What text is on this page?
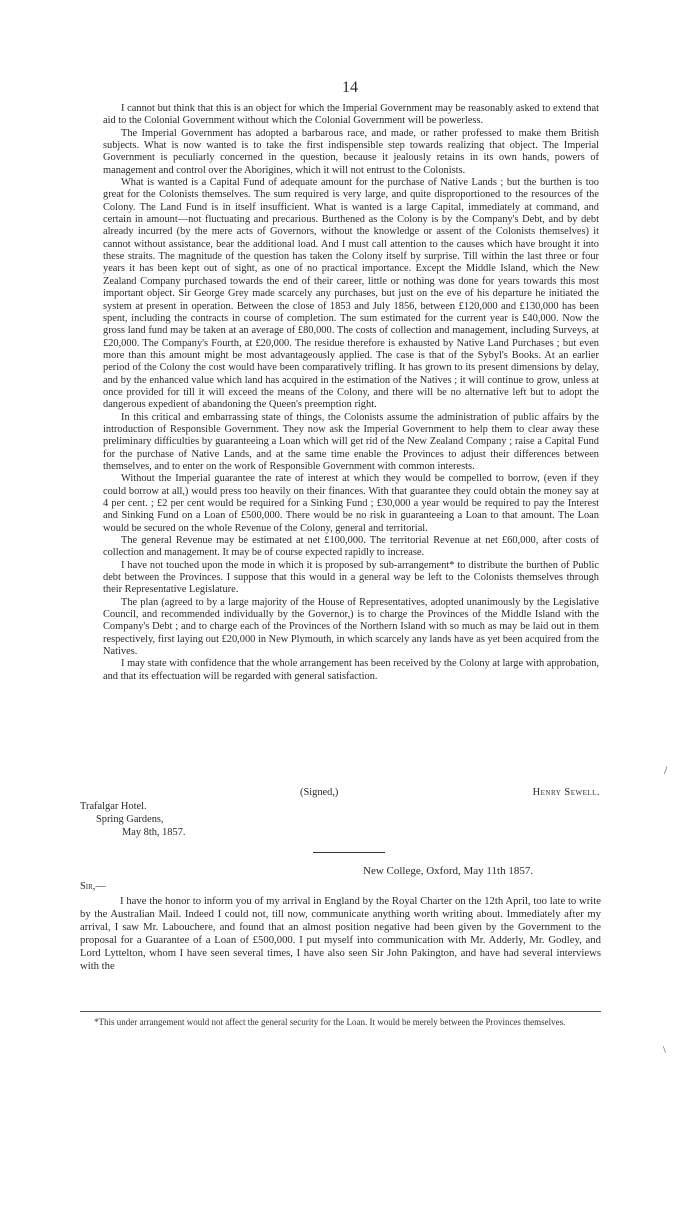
14

I cannot but think that this is an object for which the Imperial Government may be reasonably asked to extend that aid to the Colonial Government without which the Colonial Government will be powerless.

The Imperial Government has adopted a barbarous race, and made, or rather professed to make them British subjects. What is now wanted is to take the first indispensible step towards realizing that object. The Imperial Government is peculiarly concerned in the question, because it jealously retains in its own hands, powers of management and control over the Aborigines, which it will not entrust to the Colonists.

What is wanted is a Capital Fund of adequate amount for the purchase of Native Lands ; but the burthen is too great for the Colonists themselves. The sum required is very large, and quite disproportioned to the resources of the Colony. The Land Fund is in itself insufficient. What is wanted is a large Capital, immediately at command, and certain in amount—not fluctuating and precarious. Burthened as the Colony is by the Company's Debt, and by debt already incurred (by the mere acts of Governors, without the knowledge or assent of the Colonists themselves) it cannot without assistance, bear the additional load. And I must call attention to the causes which have brought it into these straits. The magnitude of the question has taken the Colony itself by surprise. Till within the last three or four years it has been kept out of sight, as one of no practical importance. Except the Middle Island, which the New Zealand Company purchased towards the end of their career, little or nothing was done for years towards this most important object. Sir George Grey made scarcely any purchases, but just on the eve of his departure he initiated the system at present in operation. Between the close of 1853 and July 1856, between £120,000 and £130,000 has been spent, including the contracts in course of completion. The sum estimated for the current year is £40,000. Now the gross land fund may be taken at an average of £80,000. The costs of collection and management, including Surveys, at £20,000. The Company's Fourth, at £20,000. The residue therefore is exhausted by Native Land Purchases ; but even more than this amount might be most advantageously applied. The case is that of the Sybyl's Books. At an earlier period of the Colony the cost would have been comparatively trifling. It has grown to its present dimensions by delay, and by the enhanced value which land has acquired in the estimation of the Natives ; it will continue to grow, unless at once provided for till it will exceed the means of the Colony, and there will be no alternative left but to adopt the dangerous expedient of abandoning the Queen's preemption right.

In this critical and embarrassing state of things, the Colonists assume the administration of public affairs by the introduction of Responsible Government. They now ask the Imperial Government to help them to clear away these preliminary difficulties by guaranteeing a Loan which will get rid of the New Zealand Company ; raise a Capital Fund for the purchase of Native Lands, and at the same time enable the Provinces to adjust their differences between themselves, and to enter on the work of Responsible Government with common interests.

Without the Imperial guarantee the rate of interest at which they would be compelled to borrow, (even if they could borrow at all,) would press too heavily on their finances. With that guarantee they could obtain the money say at 4 per cent. ; £2 per cent would be required for a Sinking Fund ; £30,000 a year would be required to pay the Interest and Sinking Fund on a Loan of £500,000. There would be no risk in guaranteeing a Loan to that amount. The Loan would be secured on the whole Revenue of the Colony, general and territorial.

The general Revenue may be estimated at net £100,000. The territorial Revenue at net £60,000, after costs of collection and management. It may be of course expected rapidly to increase.

I have not touched upon the mode in which it is proposed by sub-arrangement* to distribute the burthen of Public debt between the Provinces. I suppose that this would in a general way be left to the Colonists themselves through their Representative Legislature.

The plan (agreed to by a large majority of the House of Representatives, adopted unanimously by the Legislative Council, and recommended individually by the Governor,) is to charge the Provinces of the Middle Island with the Company's Debt ; and to charge each of the Provinces of the Northern Island with so much as may be laid out in them respectively, first laying out £20,000 in New Plymouth, in which scarcely any lands have as yet been acquired from the Natives.

I may state with confidence that the whole arrangement has been received by the Colony at large with approbation, and that its effectuation will be regarded with general satisfaction.

(Signed,)	Henry Sewell.
Trafalgar Hotel.
Spring Gardens,
May 8th, 1857.
New College, Oxford, May 11th 1857.
Sir,—

I have the honor to inform you of my arrival in England by the Royal Charter on the 12th April, too late to write by the Australian Mail. Indeed I could not, till now, communicate anything worth writing about. Immediately after my arrival, I saw Mr. Labouchere, and found that an almost position negative had been given by the Government to the proposal for a Guarantee of a Loan of £500,000. I put myself into communication with Mr. Adderly, Mr. Godley, and Lord Lyttelton, whom I have seen several times, I have also seen Sir John Pakington, and have had several interviews with the

*This under arrangement would not affect the general security for the Loan. It would be merely between the Provinces themselves.

/
\
